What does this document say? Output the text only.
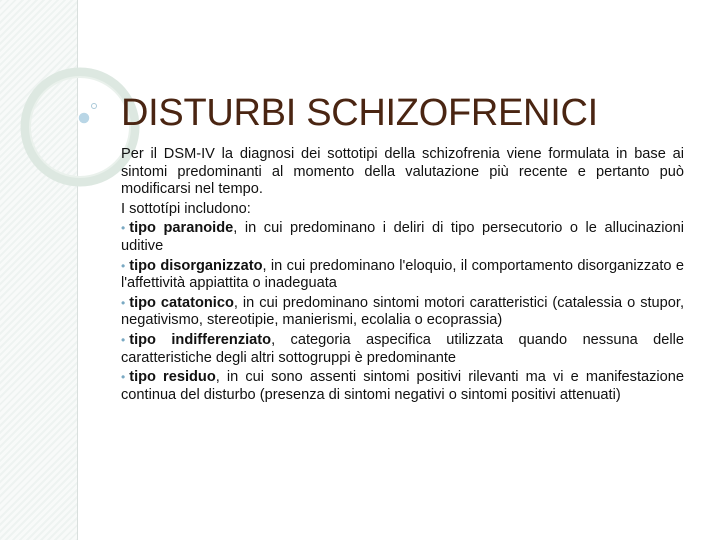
DISTURBI SCHIZOFRENICI

Per il DSM-IV la diagnosi dei sottotipi della schizofrenia viene formulata in base ai sintomi predominanti al momento della valutazione più recente e pertanto può modificarsi nel tempo.

I sottotípi includono:

• tipo paranoide, in cui predominano i deliri di tipo persecutorio o le allucinazioni uditive

• tipo disorganizzato, in cui predominano l'eloquio, il comportamento disorganizzato e l'affettività appiattita o inadeguata

• tipo catatonico, in cui predominano sintomi motori caratteristici (catalessia o stupor, negativismo, stereotipie, manierismi, ecolalia o ecoprassia)

• tipo indifferenziato, categoria aspecifica utilizzata quando nessuna delle caratteristiche degli altri sottogruppi è predominante

• tipo residuo, in cui sono assenti sintomi positivi rilevanti ma vi e manifestazione continua del disturbo (presenza di sintomi negativi o sintomi positivi attenuati)
